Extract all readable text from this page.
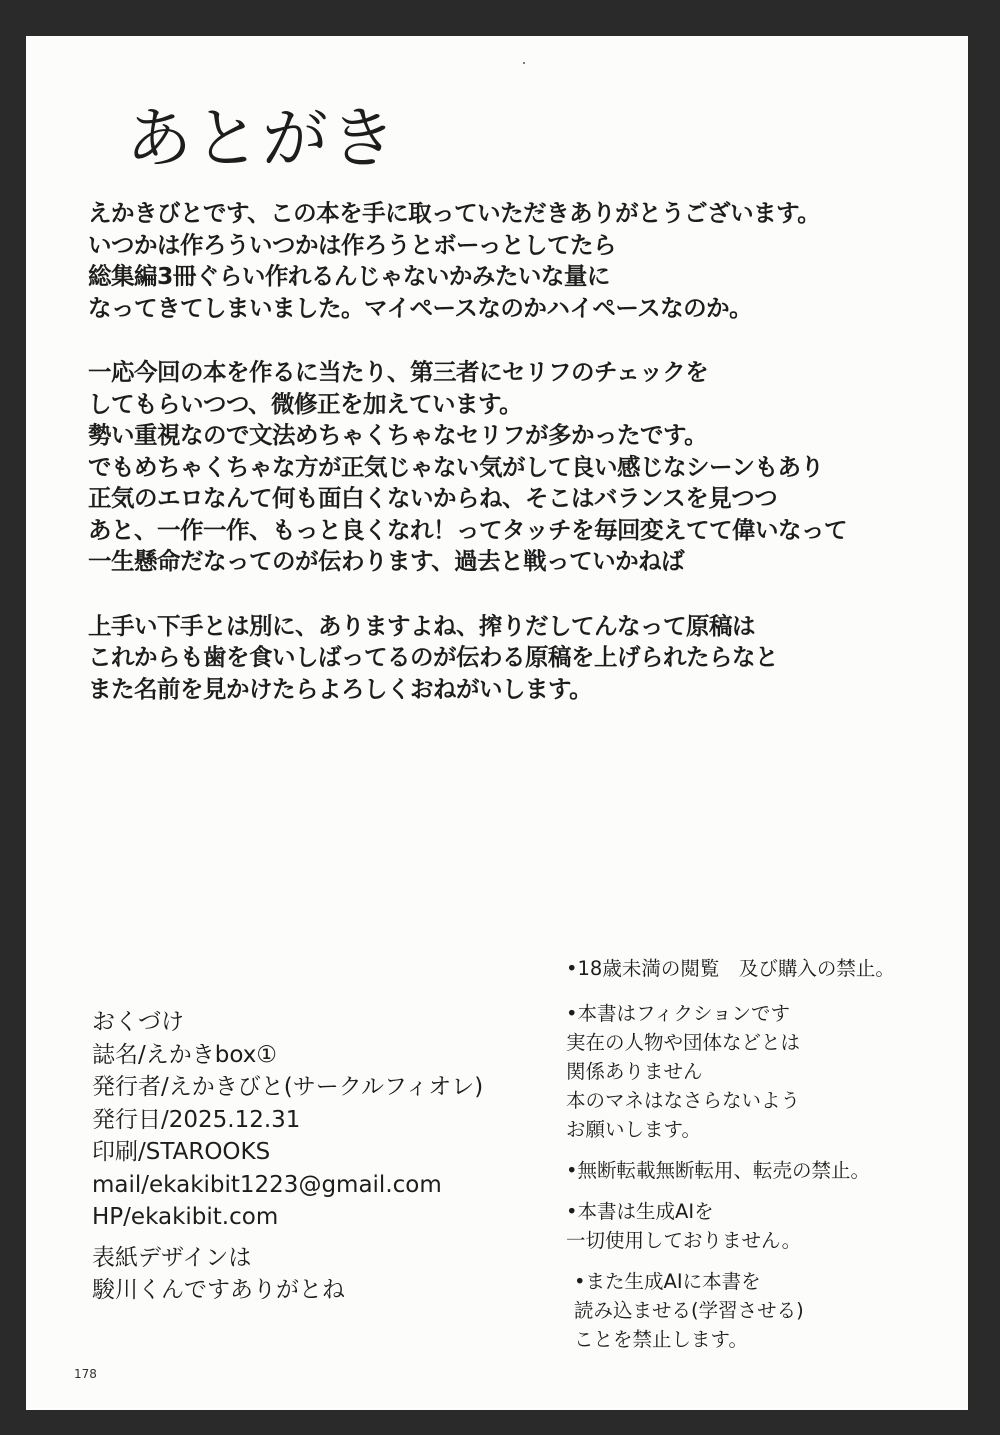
あとがき

えかきびとです、この本を手に取っていただきありがとうございます。
いつかは作ろういつかは作ろうとボーっとしてたら
総集編3冊ぐらい作れるんじゃないかみたいな量に
なってきてしまいました。マイペースなのかハイペースなのか。

一応今回の本を作るに当たり、第三者にセリフのチェックを
してもらいつつ、微修正を加えています。
勢い重視なので文法めちゃくちゃなセリフが多かったです。
でもめちゃくちゃな方が正気じゃない気がして良い感じなシーンもあり
正気のエロなんて何も面白くないからね、そこはバランスを見つつ
あと、一作一作、もっと良くなれ！ってタッチを毎回変えてて偉いなって
一生懸命だなってのが伝わります、過去と戦っていかねば

上手い下手とは別に、ありますよね、搾りだしてんなって原稿は
これからも歯を食いしばってるのが伝わる原稿を上げられたらなと
また名前を見かけたらよろしくおねがいします。

•18歳未満の閲覧　及び購入の禁止。
•本書はフィクションです
実在の人物や団体などとは
関係ありません
本のマネはなさらないよう
お願いします。
•無断転載無断転用、転売の禁止。
•本書は生成AIを
一切使用しておりません。
•また生成AIに本書を
読み込ませる(学習させる)
ことを禁止します。
おくづけ
誌名/えかきbox①
発行者/えかきびと(サークルフィオレ)
発行日/2025.12.31
印刷/STAROOKS
mail/ekakibit1223@gmail.com
HP/ekakibit.com
表紙デザインは
駿川くんですありがとね
178
